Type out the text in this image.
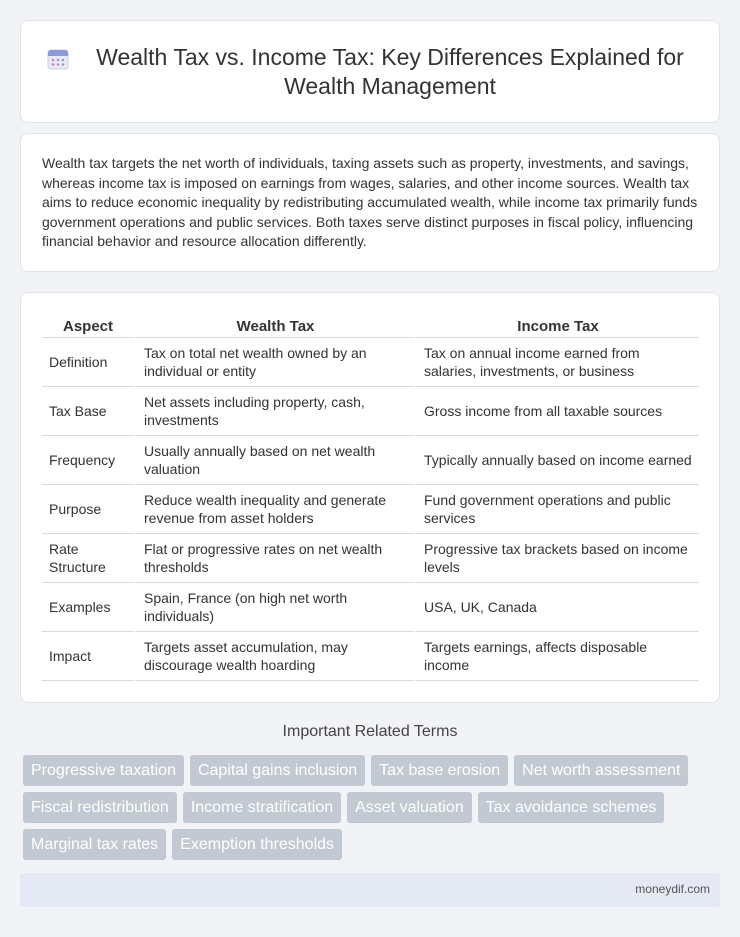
Wealth Tax vs. Income Tax: Key Differences Explained for Wealth Management

Wealth tax targets the net worth of individuals, taxing assets such as property, investments, and savings, whereas income tax is imposed on earnings from wages, salaries, and other income sources. Wealth tax aims to reduce economic inequality by redistributing accumulated wealth, while income tax primarily funds government operations and public services. Both taxes serve distinct purposes in fiscal policy, influencing financial behavior and resource allocation differently.

Aspect	Wealth Tax	Income Tax
Definition	Tax on total net wealth owned by an individual or entity	Tax on annual income earned from salaries, investments, or business
Tax Base	Net assets including property, cash, investments	Gross income from all taxable sources
Frequency	Usually annually based on net wealth valuation	Typically annually based on income earned
Purpose	Reduce wealth inequality and generate revenue from asset holders	Fund government operations and public services
Rate Structure	Flat or progressive rates on net wealth thresholds	Progressive tax brackets based on income levels
Examples	Spain, France (on high net worth individuals)	USA, UK, Canada
Impact	Targets asset accumulation, may discourage wealth hoarding	Targets earnings, affects disposable income
Important Related Terms
Progressive taxation	Capital gains inclusion	Tax base erosion	Net worth assessment
Fiscal redistribution	Income stratification	Asset valuation	Tax avoidance schemes
Marginal tax rates	Exemption thresholds
moneydif.com
